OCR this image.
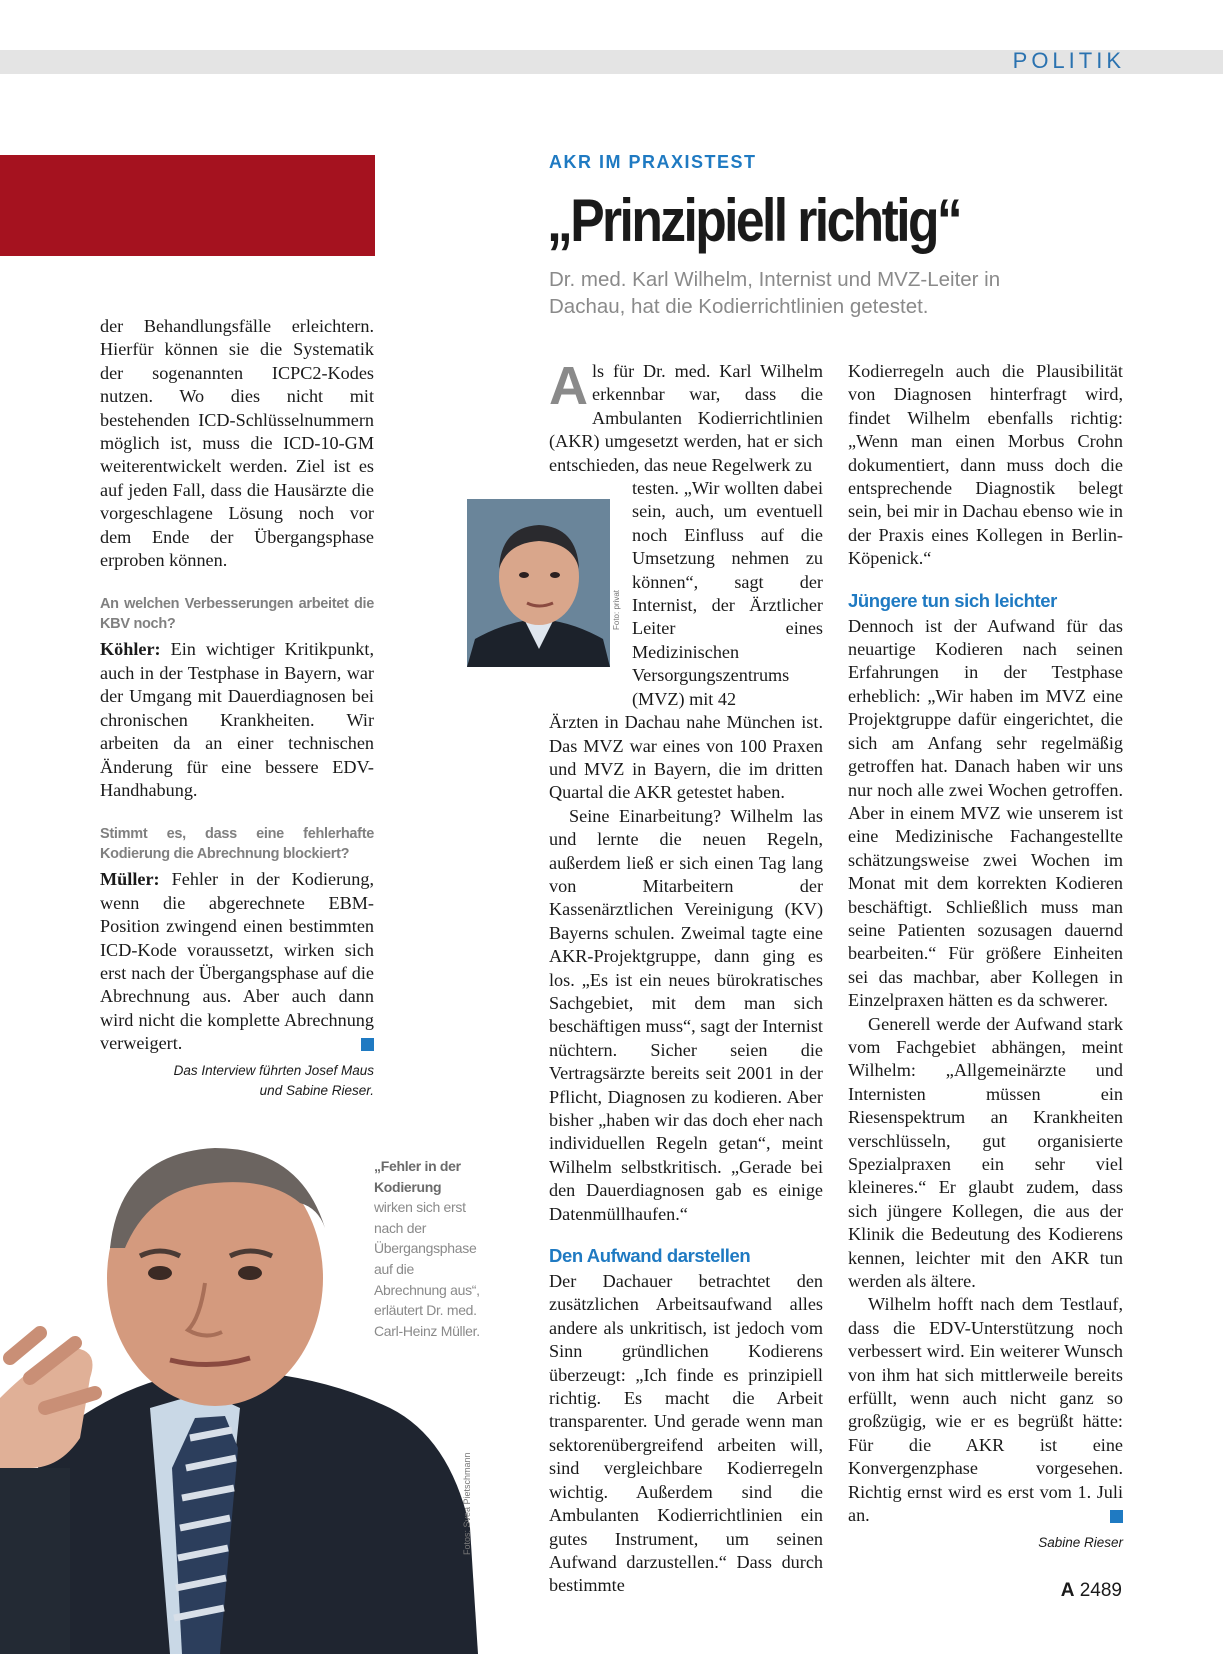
POLITIK

der Behandlungsfälle erleichtern. Hierfür können sie die Systematik der sogenannten ICPC2-Kodes nutzen. Wo dies nicht mit bestehenden ICD-Schlüsselnummern möglich ist, muss die ICD-10-GM weiterentwickelt werden. Ziel ist es auf jeden Fall, dass die Hausärzte die vorgeschlagene Lösung noch vor dem Ende der Übergangsphase erproben können.

An welchen Verbesserungen arbeitet die KBV noch?

Köhler: Ein wichtiger Kritikpunkt, auch in der Testphase in Bayern, war der Umgang mit Dauerdiagnosen bei chronischen Krankheiten. Wir arbeiten da an einer technischen Änderung für eine bessere EDV-Handhabung.

Stimmt es, dass eine fehlerhafte Kodierung die Abrechnung blockiert?

Müller: Fehler in der Kodierung, wenn die abgerechnete EBM-Position zwingend einen bestimmten ICD-Kode voraussetzt, wirken sich erst nach der Übergangsphase auf die Abrechnung aus. Aber auch dann wird nicht die komplette Abrechnung verweigert.

Das Interview führten Josef Maus
und Sabine Rieser.
Fotos: Svea Pietschmann
„Fehler in der Kodierung wirken sich erst nach der Übergangsphase auf die Abrechnung aus“, erläutert Dr. med. Carl-Heinz Müller.
AKR IM PRAXISTEST
„Prinzipiell richtig“
Dr. med. Karl Wilhelm, Internist und MVZ-Leiter in Dachau, hat die Kodierrichtlinien getestet.
Foto: privat

Als für Dr. med. Karl Wilhelm erkennbar war, dass die Ambulanten Kodierrichtlinien (AKR) umgesetzt werden, hat er sich entschieden, das neue Regelwerk zu

testen. „Wir wollten dabei sein, auch, um eventuell noch Einfluss auf die Umsetzung nehmen zu können“, sagt der Internist, der Ärztlicher Leiter eines Medizinischen Versorgungszentrums (MVZ) mit 42

Ärzten in Dachau nahe München ist. Das MVZ war eines von 100 Praxen und MVZ in Bayern, die im dritten Quartal die AKR getestet haben.

Seine Einarbeitung? Wilhelm las und lernte die neuen Regeln, außerdem ließ er sich einen Tag lang von Mitarbeitern der Kassenärztlichen Vereinigung (KV) Bayerns schulen. Zweimal tagte eine AKR-Projektgruppe, dann ging es los. „Es ist ein neues bürokratisches Sachgebiet, mit dem man sich beschäftigen muss“, sagt der Internist nüchtern. Sicher seien die Vertragsärzte bereits seit 2001 in der Pflicht, Diagnosen zu kodieren. Aber bisher „haben wir das doch eher nach individuellen Regeln getan“, meint Wilhelm selbstkritisch. „Gerade bei den Dauerdiagnosen gab es einige Datenmüllhaufen.“

Den Aufwand darstellen

Der Dachauer betrachtet den zusätzlichen Arbeitsaufwand alles andere als unkritisch, ist jedoch vom Sinn gründlichen Kodierens überzeugt: „Ich finde es prinzipiell richtig. Es macht die Arbeit transparenter. Und gerade wenn man sektorenübergreifend arbeiten will, sind vergleichbare Kodierregeln wichtig. Außerdem sind die Ambulanten Kodierrichtlinien ein gutes Instrument, um seinen Aufwand darzustellen.“ Dass durch bestimmte

Kodierregeln auch die Plausibilität von Diagnosen hinterfragt wird, findet Wilhelm ebenfalls richtig: „Wenn man einen Morbus Crohn dokumentiert, dann muss doch die entsprechende Diagnostik belegt sein, bei mir in Dachau ebenso wie in der Praxis eines Kollegen in Berlin-Köpenick.“

Jüngere tun sich leichter

Dennoch ist der Aufwand für das neuartige Kodieren nach seinen Erfahrungen in der Testphase erheblich: „Wir haben im MVZ eine Projektgruppe dafür eingerichtet, die sich am Anfang sehr regelmäßig getroffen hat. Danach haben wir uns nur noch alle zwei Wochen getroffen. Aber in einem MVZ wie unserem ist eine Medizinische Fachangestellte schätzungsweise zwei Wochen im Monat mit dem korrekten Kodieren beschäftigt. Schließlich muss man seine Patienten sozusagen dauernd bearbeiten.“ Für größere Einheiten sei das machbar, aber Kollegen in Einzelpraxen hätten es da schwerer.

Generell werde der Aufwand stark vom Fachgebiet abhängen, meint Wilhelm: „Allgemeinärzte und Internisten müssen ein Riesenspektrum an Krankheiten verschlüsseln, gut organisierte Spezialpraxen ein sehr viel kleineres.“ Er glaubt zudem, dass sich jüngere Kollegen, die aus der Klinik die Bedeutung des Kodierens kennen, leichter mit den AKR tun werden als ältere.

Wilhelm hofft nach dem Testlauf, dass die EDV-Unterstützung noch verbessert wird. Ein weiterer Wunsch von ihm hat sich mittlerweile bereits erfüllt, wenn auch nicht ganz so großzügig, wie er es begrüßt hätte: Für die AKR ist eine Konvergenzphase vorgesehen. Richtig ernst wird es erst vom 1. Juli an.

Sabine Rieser
A 2489
